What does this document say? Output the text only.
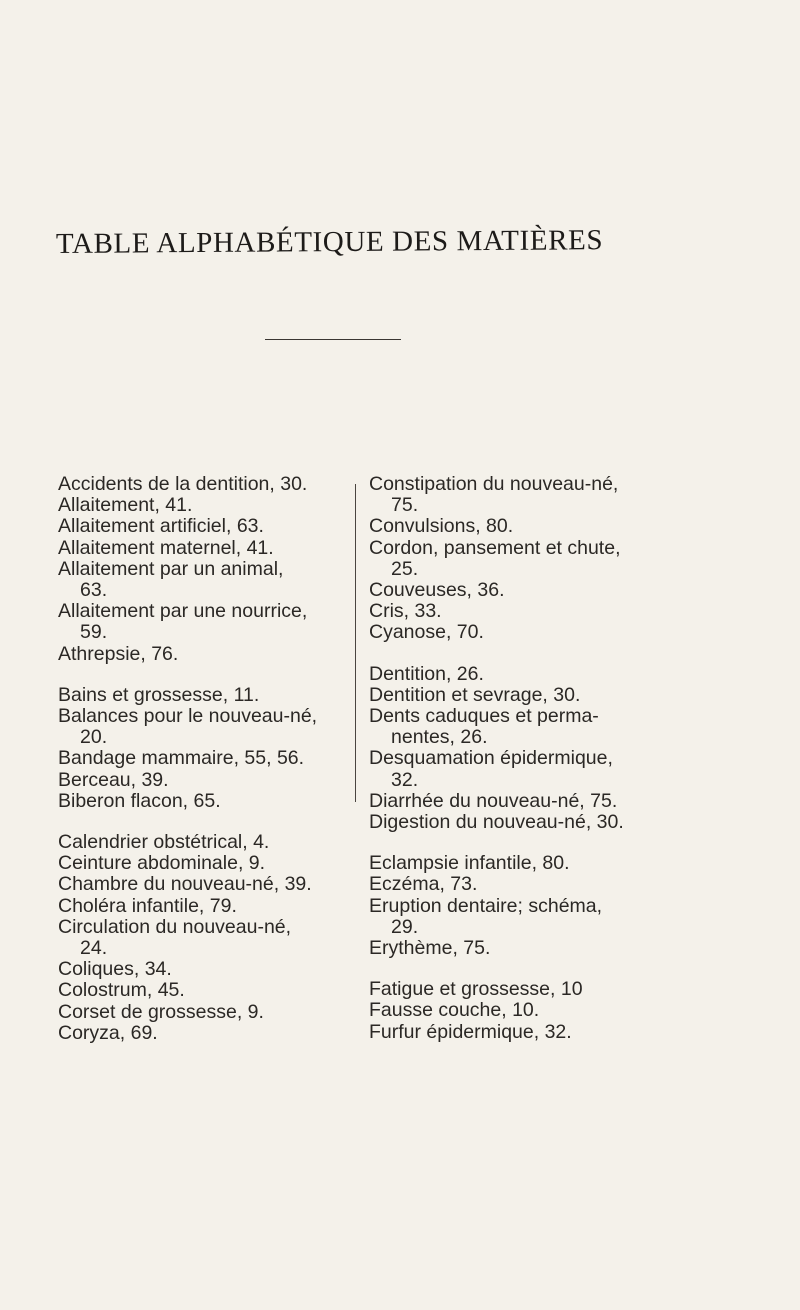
TABLE ALPHABÉTIQUE DES MATIÈRES
Accidents de la dentition, 30.
Allaitement, 41.
Allaitement artificiel, 63.
Allaitement maternel, 41.
Allaitement par un animal,
63.
Allaitement par une nourrice,
59.
Athrepsie, 76.
Bains et grossesse, 11.
Balances pour le nouveau-né,
20.
Bandage mammaire, 55, 56.
Berceau, 39.
Biberon flacon, 65.
Calendrier obstétrical, 4.
Ceinture abdominale, 9.
Chambre du nouveau-né, 39.
Choléra infantile, 79.
Circulation du nouveau-né,
24.
Coliques, 34.
Colostrum, 45.
Corset de grossesse, 9.
Coryza, 69.
Constipation du nouveau-né,
75.
Convulsions, 80.
Cordon, pansement et chute,
25.
Couveuses, 36.
Cris, 33.
Cyanose, 70.
Dentition, 26.
Dentition et sevrage, 30.
Dents caduques et perma-
nentes, 26.
Desquamation épidermique,
32.
Diarrhée du nouveau-né, 75.
Digestion du nouveau-né, 30.
Eclampsie infantile, 80.
Eczéma, 73.
Eruption dentaire; schéma,
29.
Erythème, 75.
Fatigue et grossesse, 10
Fausse couche, 10.
Furfur épidermique, 32.
